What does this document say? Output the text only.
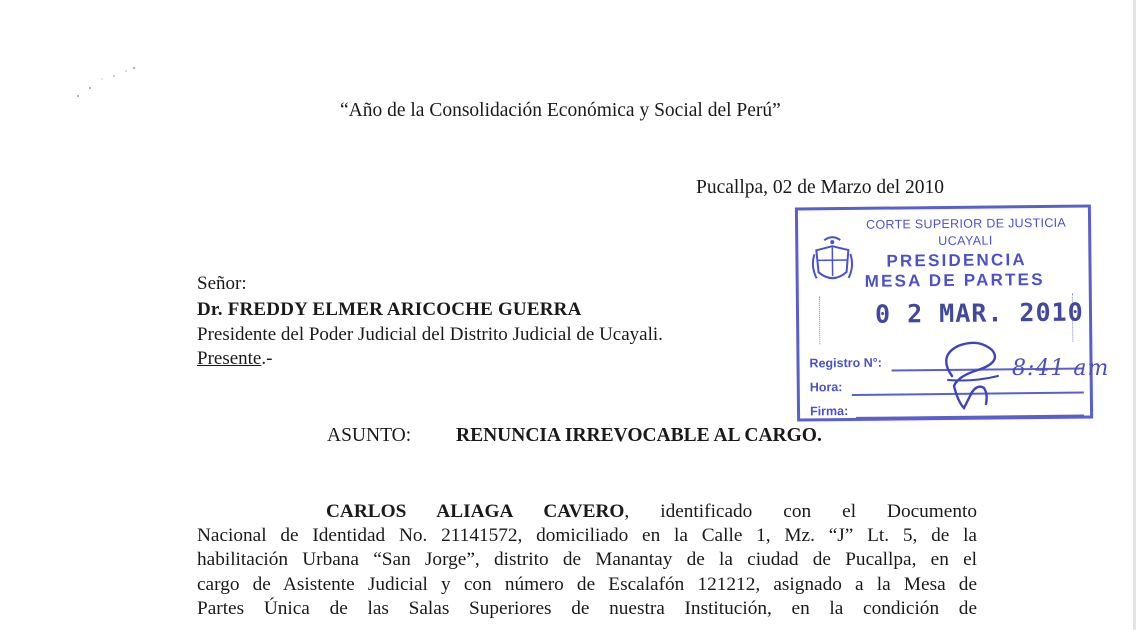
“Año de la Consolidación Económica y Social del Perú”
Pucallpa, 02 de Marzo del 2010
Señor:
Dr. FREDDY ELMER ARICOCHE GUERRA
Presidente del Poder Judicial del Distrito Judicial de Ucayali.
Presente.-
ASUNTO: RENUNCIA IRREVOCABLE AL CARGO.
CARLOS ALIAGA CAVERO, identificado con el Documento
Nacional de Identidad No. 21141572, domiciliado en la Calle 1, Mz. “J” Lt. 5, de la
habilitación Urbana “San Jorge”, distrito de Manantay de la ciudad de Pucallpa, en el
cargo de Asistente Judicial y con número de Escalafón 121212, asignado a la Mesa de
Partes Única de las Salas Superiores de nuestra Institución, en la condición de
CORTE SUPERIOR DE JUSTICIA
UCAYALI
PRESIDENCIA
MESA DE PARTES
0 2 MAR. 2010
Registro N°:
Hora:
Firma:
8:41 am
